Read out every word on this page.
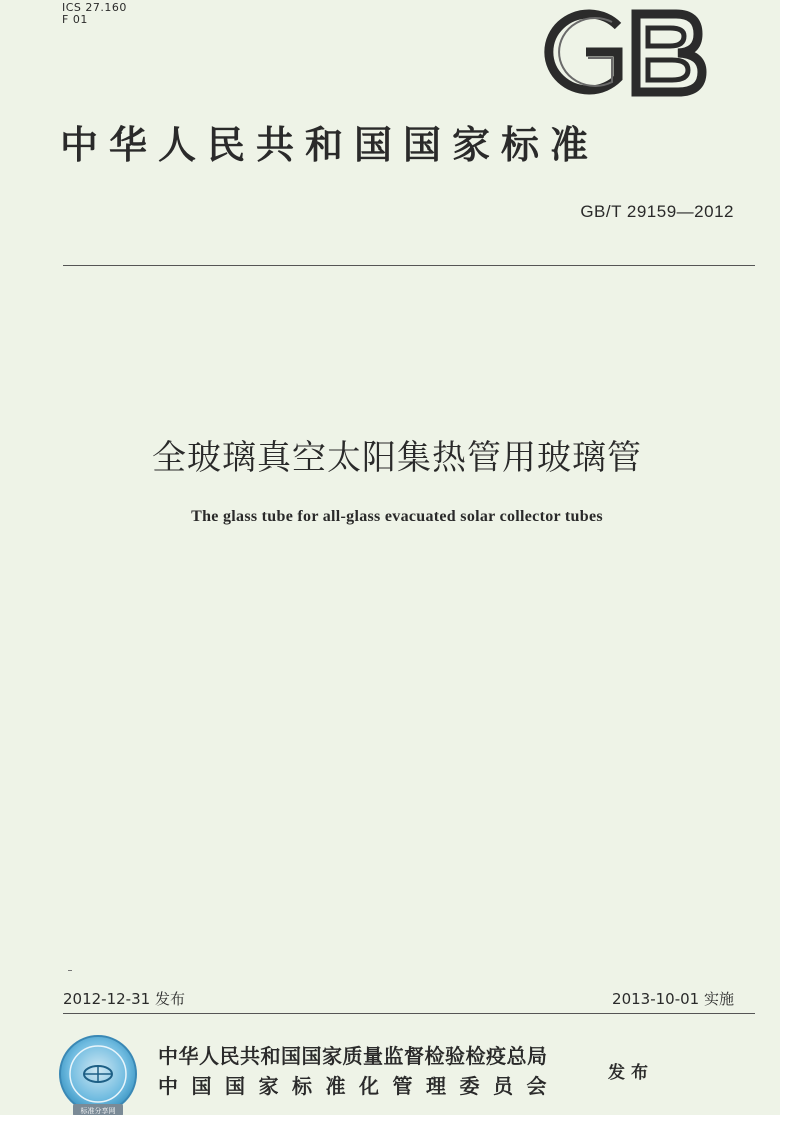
ICS 27.160
F 01
GB
中华人民共和国国家标准
GB/T 29159—2012
全玻璃真空太阳集热管用玻璃管
The glass tube for all-glass evacuated solar collector tubes
2012-12-31 发布	2013-10-01 实施
标准分享网
中华人民共和国国家质量监督检验检疫总局
中国国家标准化管理委员会
发布
